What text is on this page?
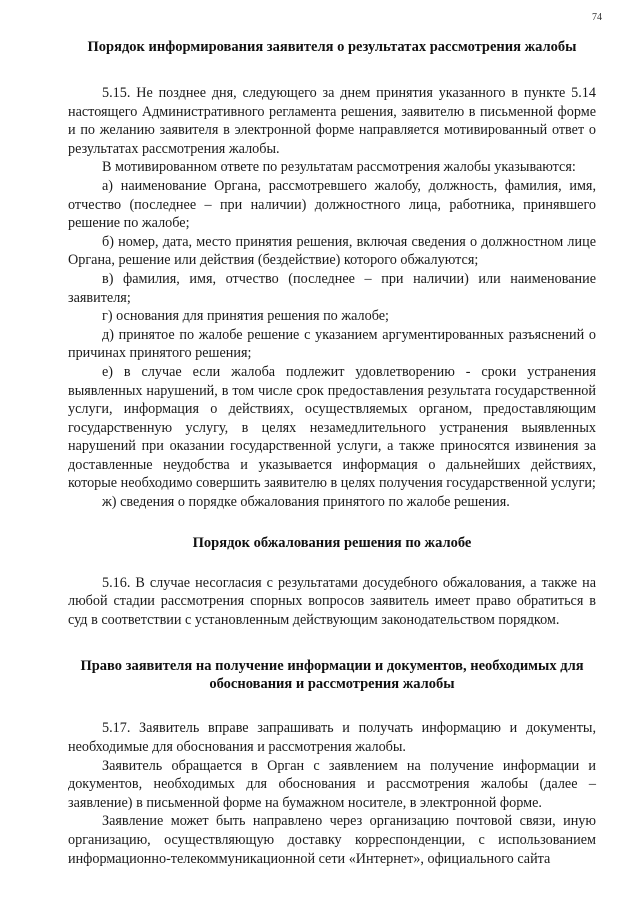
74
Порядок информирования заявителя о результатах рассмотрения жалобы

5.15. Не позднее дня, следующего за днем принятия указанного в пункте 5.14 настоящего Административного регламента решения, заявителю в письменной форме и по желанию заявителя в электронной форме направляется мотивированный ответ о результатах рассмотрения жалобы.

В мотивированном ответе по результатам рассмотрения жалобы указываются:

а) наименование Органа, рассмотревшего жалобу, должность, фамилия, имя, отчество (последнее – при наличии) должностного лица, работника, принявшего решение по жалобе;

б) номер, дата, место принятия решения, включая сведения о должностном лице Органа, решение или действия (бездействие) которого обжалуются;

в) фамилия, имя, отчество (последнее – при наличии) или наименование заявителя;

г) основания для принятия решения по жалобе;

д) принятое по жалобе решение с указанием аргументированных разъяснений о причинах принятого решения;

е) в случае если жалоба подлежит удовлетворению - сроки устранения выявленных нарушений, в том числе срок предоставления результата государственной услуги, информация о действиях, осуществляемых органом, предоставляющим государственную услугу, в целях незамедлительного устранения выявленных нарушений при оказании государственной услуги, а также приносятся извинения за доставленные неудобства и указывается информация о дальнейших действиях, которые необходимо совершить заявителю в целях получения государственной услуги;

ж) сведения о порядке обжалования принятого по жалобе решения.

Порядок обжалования решения по жалобе

5.16. В случае несогласия с результатами досудебного обжалования, а также на любой стадии рассмотрения спорных вопросов заявитель имеет право обратиться в суд в соответствии с установленным действующим законодательством порядком.

Право заявителя на получение информации и документов, необходимых для обоснования и рассмотрения жалобы

5.17. Заявитель вправе запрашивать и получать информацию и документы, необходимые для обоснования и рассмотрения жалобы.

Заявитель обращается в Орган с заявлением на получение информации и документов, необходимых для обоснования и рассмотрения жалобы (далее – заявление) в письменной форме на бумажном носителе, в электронной форме.

Заявление может быть направлено через организацию почтовой связи, иную организацию, осуществляющую доставку корреспонденции, с использованием информационно-телекоммуникационной сети «Интернет», официального сайта
